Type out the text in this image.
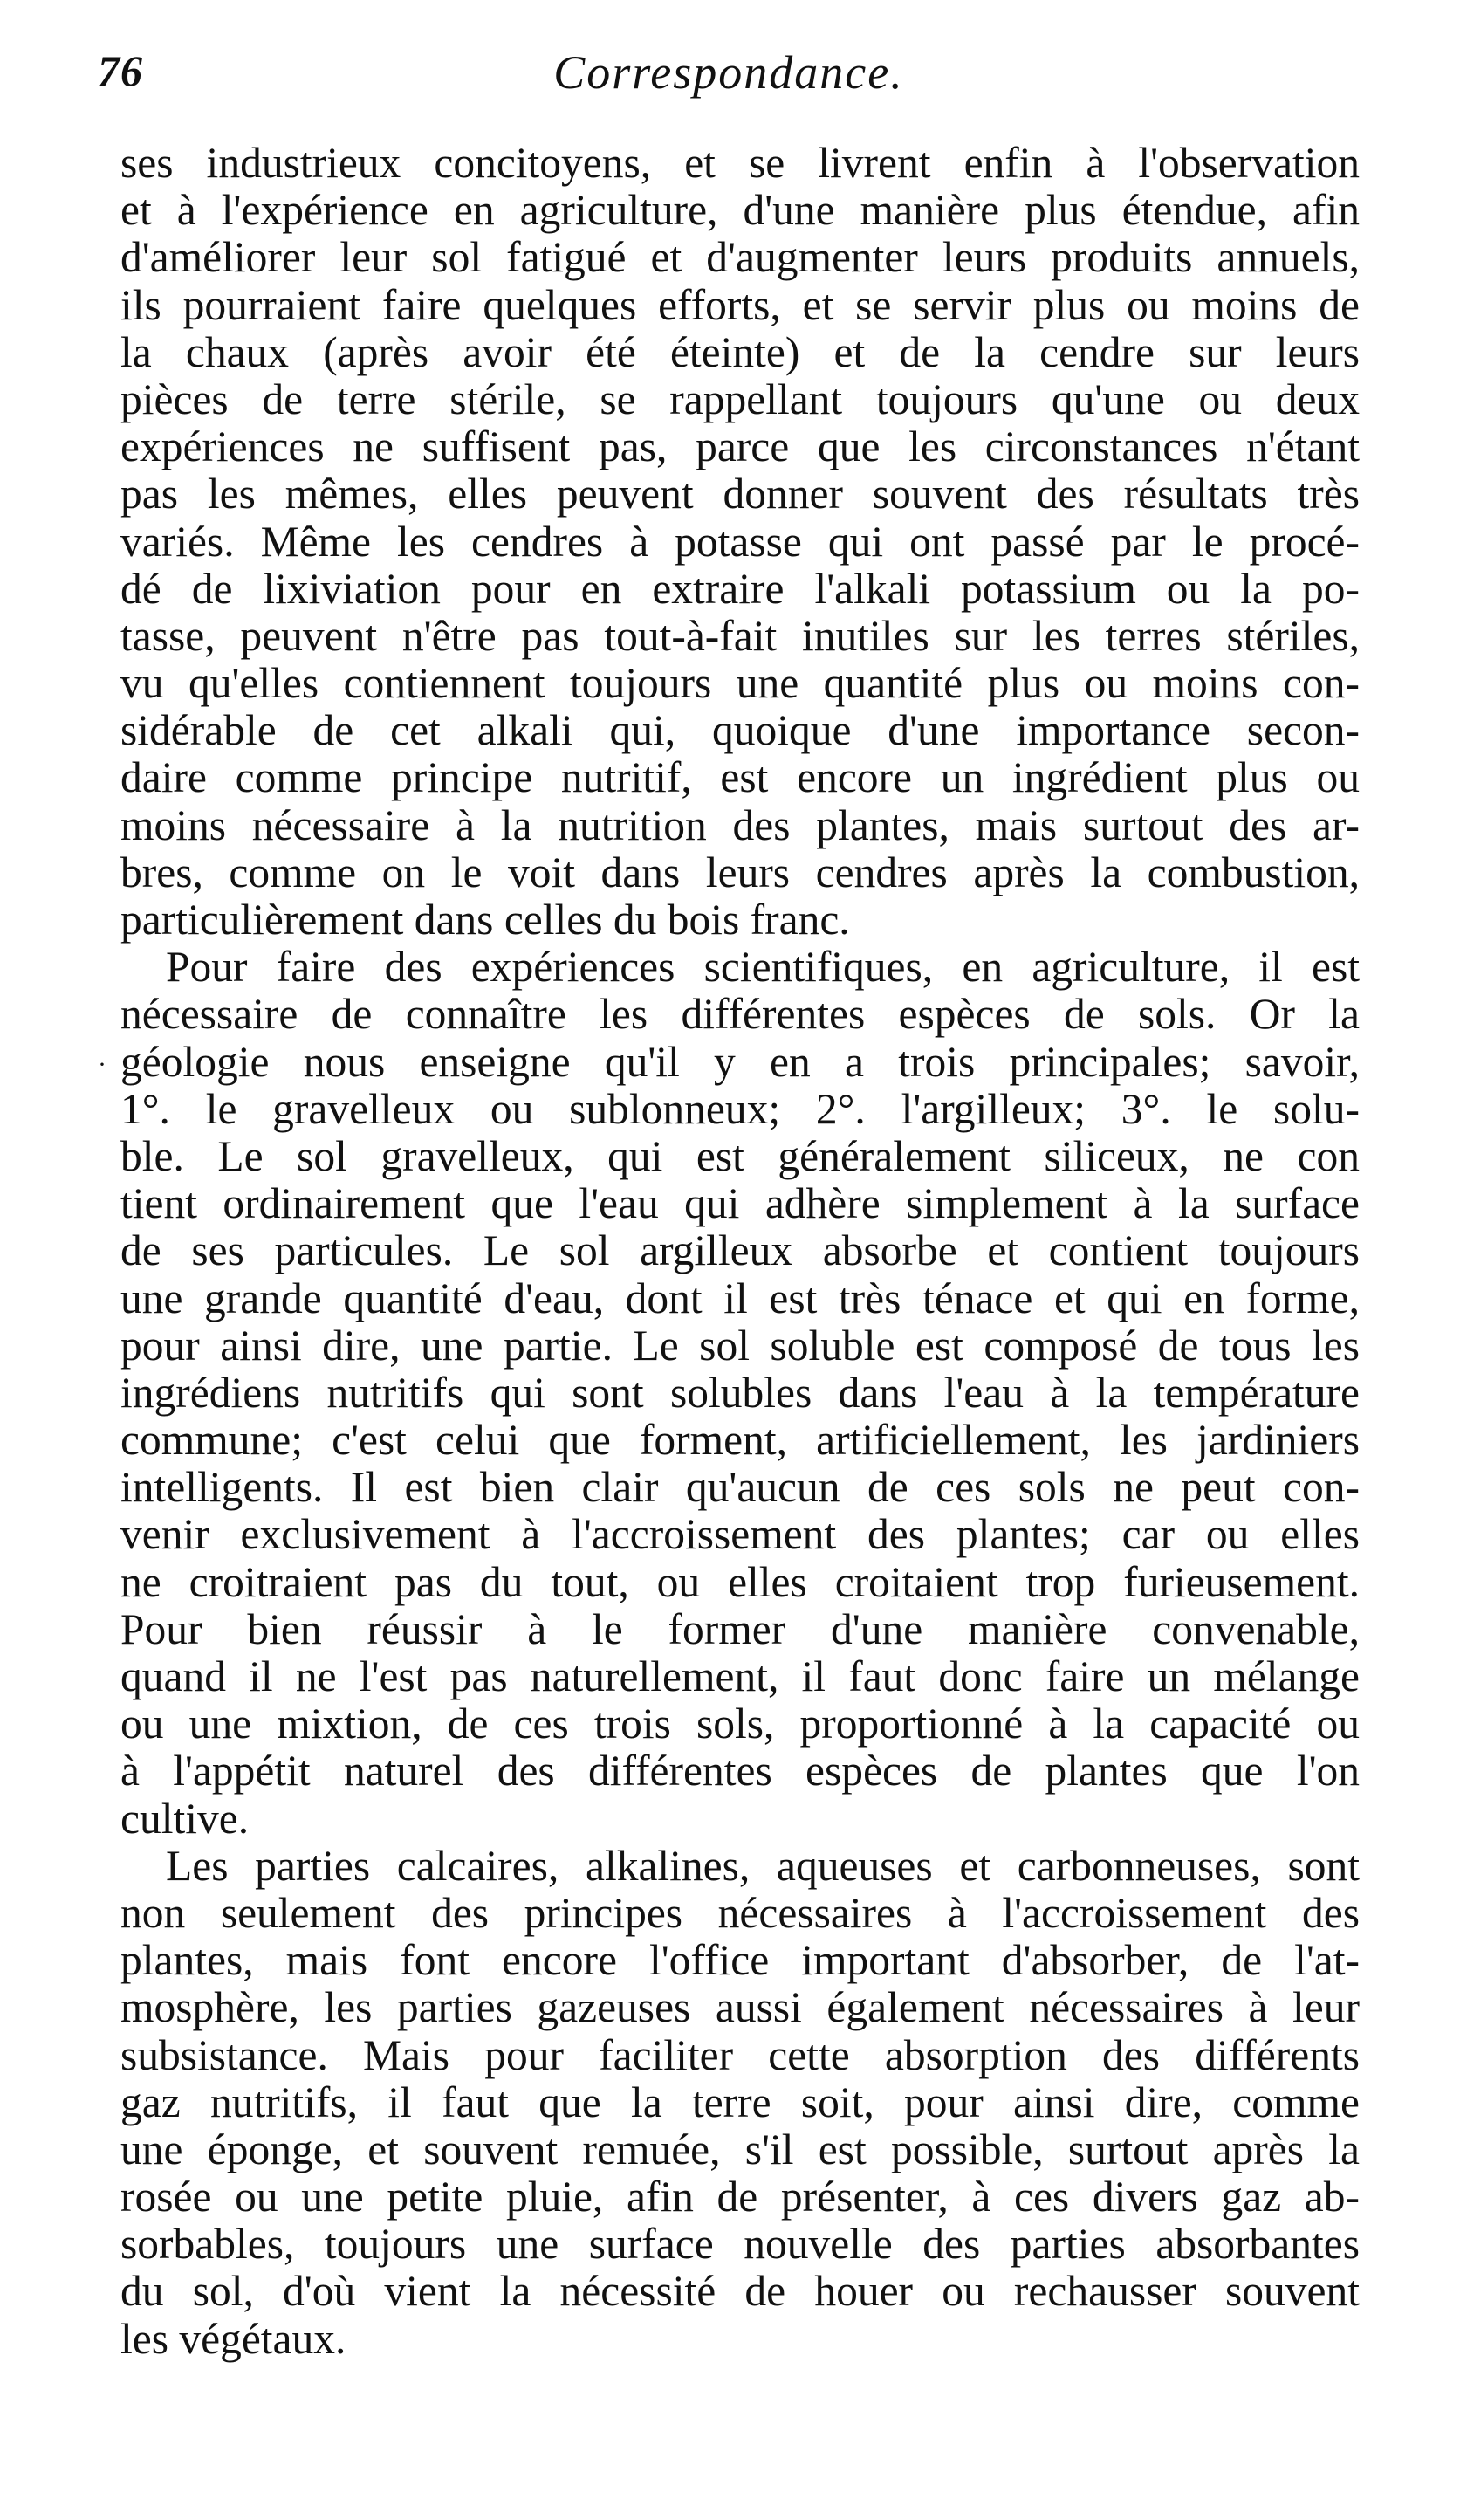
76	Correspondance.
·
ses industrieux concitoyens, et se livrent enfin à l'observation
et à l'expérience en agriculture, d'une manière plus étendue, afin
d'améliorer leur sol fatigué et d'augmenter leurs produits annuels,
ils pourraient faire quelques efforts, et se servir plus ou moins de
la chaux (après avoir été éteinte) et de la cendre sur leurs
pièces de terre stérile, se rappellant toujours qu'une ou deux
expériences ne suffisent pas, parce que les circonstances n'étant
pas les mêmes, elles peuvent donner souvent des résultats très
variés. Même les cendres à potasse qui ont passé par le procé-
dé de lixiviation pour en extraire l'alkali potassium ou la po-
tasse, peuvent n'être pas tout-à-fait inutiles sur les terres stériles,
vu qu'elles contiennent toujours une quantité plus ou moins con-
sidérable de cet alkali qui, quoique d'une importance secon-
daire comme principe nutritif, est encore un ingrédient plus ou
moins nécessaire à la nutrition des plantes, mais surtout des ar-
bres, comme on le voit dans leurs cendres après la combustion,
particulièrement dans celles du bois franc.
Pour faire des expériences scientifiques, en agriculture, il est
nécessaire de connaître les différentes espèces de sols. Or la
géologie nous enseigne qu'il y en a trois principales; savoir,
1°. le gravelleux ou sublonneux; 2°. l'argilleux; 3°. le solu-
ble. Le sol gravelleux, qui est généralement siliceux, ne con
tient ordinairement que l'eau qui adhère simplement à la surface
de ses particules. Le sol argilleux absorbe et contient toujours
une grande quantité d'eau, dont il est très ténace et qui en forme,
pour ainsi dire, une partie. Le sol soluble est composé de tous les
ingrédiens nutritifs qui sont solubles dans l'eau à la température
commune; c'est celui que forment, artificiellement, les jardiniers
intelligents. Il est bien clair qu'aucun de ces sols ne peut con-
venir exclusivement à l'accroissement des plantes; car ou elles
ne croitraient pas du tout, ou elles croitaient trop furieusement.
Pour bien réussir à le former d'une manière convenable,
quand il ne l'est pas naturellement, il faut donc faire un mélange
ou une mixtion, de ces trois sols, proportionné à la capacité ou
à l'appétit naturel des différentes espèces de plantes que l'on
cultive.
Les parties calcaires, alkalines, aqueuses et carbonneuses, sont
non seulement des principes nécessaires à l'accroissement des
plantes, mais font encore l'office important d'absorber, de l'at-
mosphère, les parties gazeuses aussi également nécessaires à leur
subsistance. Mais pour faciliter cette absorption des différents
gaz nutritifs, il faut que la terre soit, pour ainsi dire, comme
une éponge, et souvent remuée, s'il est possible, surtout après la
rosée ou une petite pluie, afin de présenter, à ces divers gaz ab-
sorbables, toujours une surface nouvelle des parties absorbantes
du sol, d'où vient la nécessité de houer ou rechausser souvent
les végétaux.
